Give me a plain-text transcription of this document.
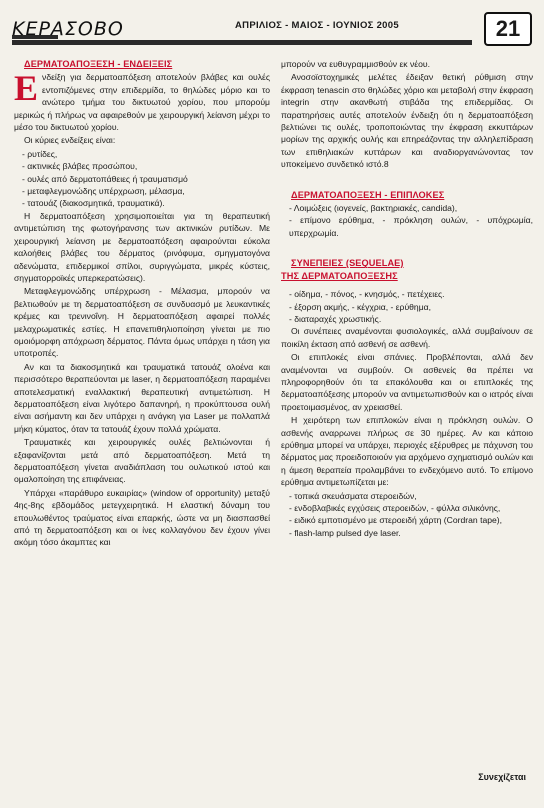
ΚΕΡΑΣΟΒΟ	ΑΠΡΙΛΙΟΣ - ΜΑΙΟΣ - ΙΟΥΝΙΟΣ 2005	21

ΔΕΡΜΑΤΟΑΠΟΞΕΣΗ - ΕΝΔΕΙΞΕΙΣ

Ενδείξη για δερματοαπόξεση αποτελούν βλάβες και ουλές εντοπιζόμενες στην επιδερμίδα, το θηλώδες μόριο και το ανώτερο τμήμα του δικτυωτού χορίου, που μπορούμ μερικώς ή πλήρως να αφαιρεθούν με χειρουργική λείανση μέχρι το μέσο του δικτυωτού χορίου.

Οι κύριες ενδείξεις είναι:

- ρυτίδες,
- ακτινικές βλάβες προσώπου,
- ουλές από δερματοπάθειες ή τραυματισμό
- μεταφλεγμονώδης υπέρχρωση, μέλασμα,
- τατουάζ (διακοσμητικά, τραυματικά).

Η δερματοαπόξεση χρησιμοποιείται για τη θεραπευτική αντιμετώπιση της φωτογήρανσης των ακτινικών ρυτίδων. Με χειρουργική λείανση με δερματοαπόξεση αφαιρούνται εύκολα καλοήθεις βλάβες του δέρματος (ρινόφυμα, σμηγματογόνα αδενώματα, επιδερμικοί σπίλοι, συριγγώματα, μικρές κύστεις, σηγματορροϊκές υπερκερατώσεις).

Μεταφλεγμονώδης υπέρχρωση - Μέλασμα, μπορούν να βελτιωθούν με τη δερματοαπόξεση σε συνδυασμό με λευκαντικές κρέμες και τρενινοΐνη. Η δερματοαπόξεση αφαιρεί πολλές μελαχρωματικές εστίες. Η επανεπιθηλιοποίηση γίνεται με πιο ομοιόμορφη απόχρωση δέρματος. Πάντα όμως υπάρχει η τάση για υποτροπές.

Αν και τα διακοσμητικά και τραυματικά τατουάζ ολοένα και περισσότερο θεραπεύονται με laser, η δερματοαπόξεση παραμένει αποτελεσματική εναλλακτική θεραπευτική αντιμετώπιση. Η δερματοαπόξεση είναι λιγότερο δαπανηρή, η προκύπτουσα ουλή είναι ασήμαντη και δεν υπάρχει η ανάγκη για Laser με πολλαπλά μήκη κύματος, όταν τα τατουάζ έχουν πολλά χρώματα.

Τραυματικές και χειρουργικές ουλές βελτιώνονται ή εξαφανίζονται μετά από δερματοαπόξεση. Μετά τη δερματοαπόξεση γίνεται αναδιάπλαση του ουλωτικού ιστού και ομαλοποίηση της επιφάνειας.

Υπάρχει «παράθυρο ευκαιρίας» (window of opportunity) μεταξύ 4ης-8ης εβδομάδος μετεγχειρητικά. Η ελαστική δύναμη του επουλωθέντος τραύματος είναι επαρκής, ώστε να μη διασπασθεί από τη δερματοαπόξεση και οι ίνες κολλαγόνου δεν έχουν γίνει ακόμη τόσο άκαμπτες και

μπορούν να ευθυγραμμισθούν εκ νέου.

Ανοσοϊστοχημικές μελέτες έδειξαν θετική ρύθμιση στην έκφραση tenascin στο θηλώδες χόριο και μεταβολή στην έκφραση integrin στην ακανθωτή στιβάδα της επιδερμίδας. Οι παρατηρήσεις αυτές αποτελούν ένδειξη ότι η δερματοαπόξεση βελτιώνει τις ουλές, τροποποιώντας την έκφραση εκκυττάρων μορίων της αρχικής ουλής και επηρεάζοντας την αλληλεπίδραση των επιθηλιακών κυττάρων και αναδιοργανώνοντας τον υποκείμενο συνδετικό ιστό.8

ΔΕΡΜΑΤΟΑΠΟΞΕΣΗ - ΕΠΙΠΛΟΚΕΣ

- Λοιμώξεις (ιογενείς, βακτηριακές, candida),
- επίμονο ερύθημα, - πρόκληση ουλών, - υπόχρωμία, υπερχρωμία.

ΣΥΝΕΠΕΙΕΣ (SEQUELAE)
ΤΗΣ ΔΕΡΜΑΤΟΑΠΟΞΕΣΗΣ

- οίδημα, - πόνος, - κνησμός, - πετέχειες.
- έξορση ακμής, - κέγχρια, - ερύθημα,
- διαταραχές χρωστικής.

Οι συνέπειες αναμένονται φυσιολογικές, αλλά συμβαίνουν σε ποικίλη έκταση από ασθενή σε ασθενή.

Οι επιπλοκές είναι σπάνιες. Προβλέπονται, αλλά δεν αναμένονται να συμβούν. Οι ασθενείς θα πρέπει να πληροφορηθούν ότι τα επακόλουθα και οι επιπλοκές της δερματοαπόξεσης μπορούν να αντιμετωπισθούν και ο ιατρός είναι προετοιμασμένος, αν χρειασθεί.

Η χειρότερη των επιπλοκών είναι η πρόκληση ουλών. Ο ασθενής αναρρωνει πλήρως σε 30 ημέρες. Αν και κάποιο ερύθημα μπορεί να υπάρχει, περιοχές εξέρυθρες με πάχυνση του δέρματος μας προειδοποιούν για αρχόμενο σχηματισμό ουλών και η άμεση θεραπεία προλαμβάνει το ενδεχόμενο αυτό. Το επίμονο ερύθημα αντιμετωπίζεται με:

- τοπικά σκευάσματα στεροειδών,
- ενδοβλαβικές εγχύσεις στεροειδών, - φύλλα σιλικόνης,
- ειδικό εμποτισμένο με στεροειδή χάρτη (Cordran tape),
- flash-lamp pulsed dye laser.
Συνεχίζεται
